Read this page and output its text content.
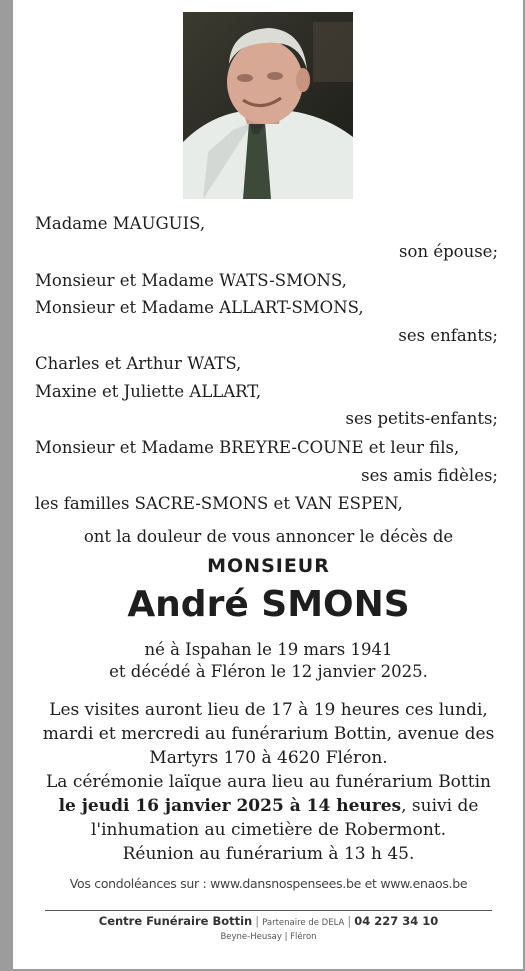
Madame MAUGUIS,
son épouse;
Monsieur et Madame WATS-SMONS,
Monsieur et Madame ALLART-SMONS,
ses enfants;
Charles et Arthur WATS,
Maxine et Juliette ALLART,
ses petits-enfants;
Monsieur et Madame BREYRE-COUNE et leur fils,
ses amis fidèles;
les familles SACRE-SMONS et VAN ESPEN,
ont la douleur de vous annoncer le décès de
MONSIEUR
André SMONS
né à Ispahan le 19 mars 1941
et décédé à Fléron le 12 janvier 2025.
Les visites auront lieu de 17 à 19 heures ces lundi,
mardi et mercredi au funérarium Bottin, avenue des
Martyrs 170 à 4620 Fléron.
La cérémonie laïque aura lieu au funérarium Bottin
le jeudi 16 janvier 2025 à 14 heures, suivi de
l'inhumation au cimetière de Robermont.
Réunion au funérarium à 13 h 45.
Vos condoléances sur : www.dansnospensees.be et www.enaos.be
Centre Funéraire Bottin | Partenaire de DELA | 04 227 34 10
Beyne-Heusay | Fléron
